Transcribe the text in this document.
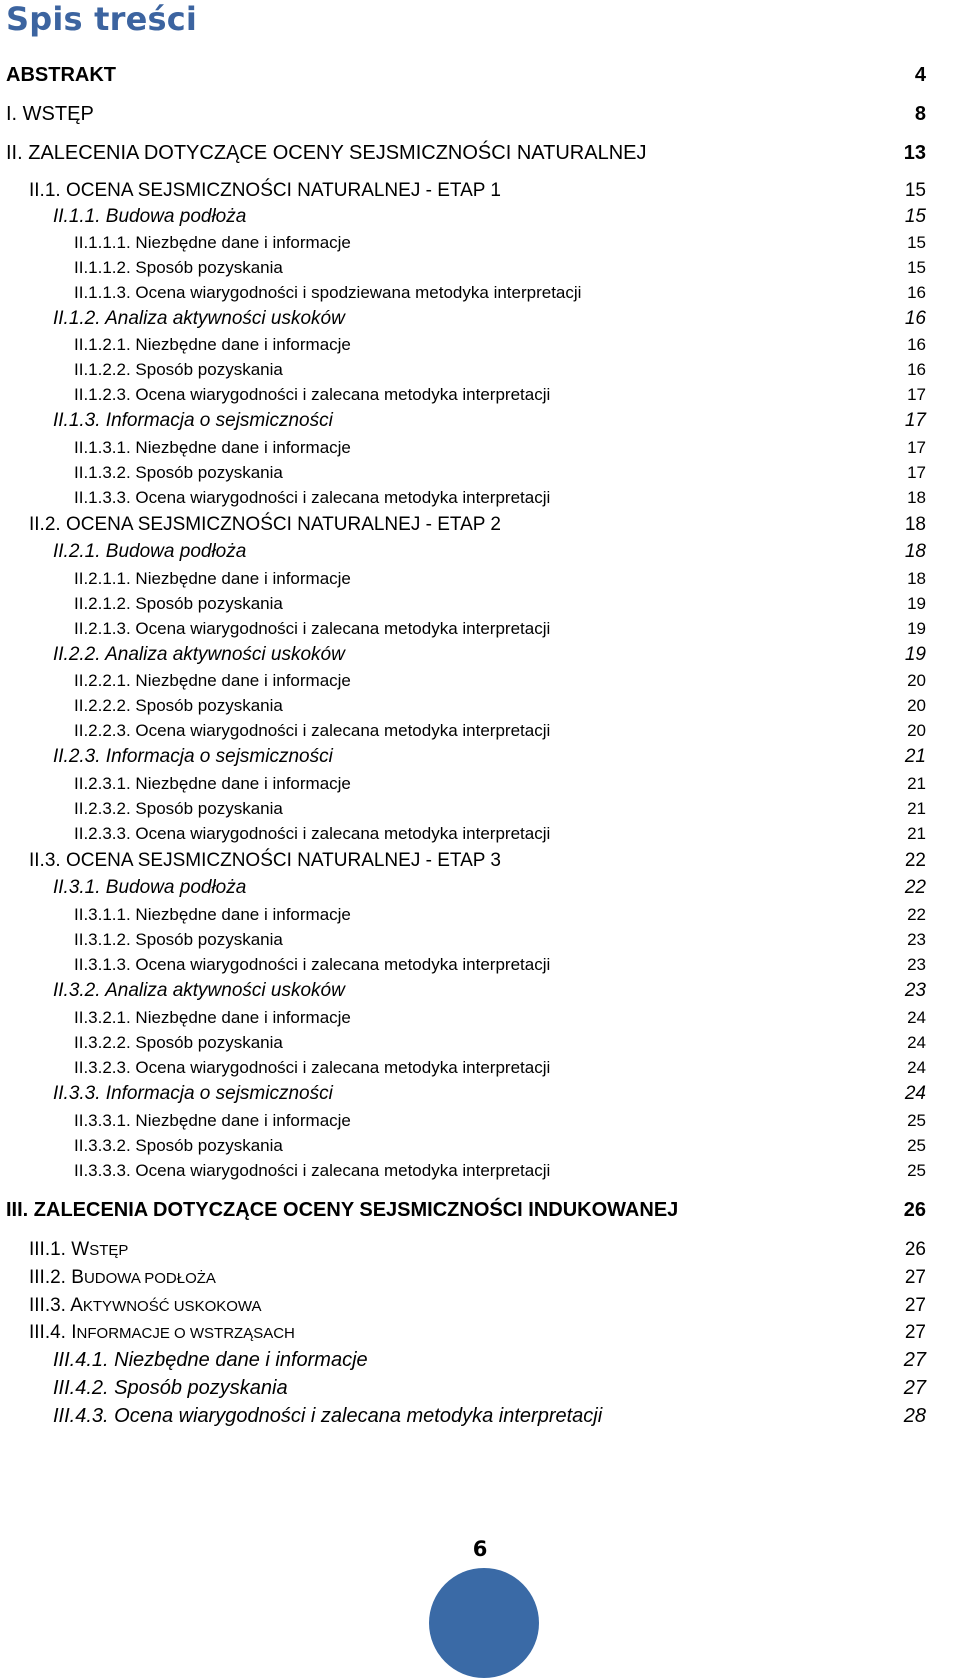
Spis treści
ABSTRAKT	4
I. WSTĘP	8
II. ZALECENIA DOTYCZĄCE OCENY SEJSMICZNOŚCI NATURALNEJ	13
II.1. OCENA SEJSMICZNOŚCI NATURALNEJ - ETAP 1	15
II.1.1. Budowa podłoża	15
II.1.1.1. Niezbędne dane i informacje	15
II.1.1.2. Sposób pozyskania	15
II.1.1.3. Ocena wiarygodności i spodziewana metodyka interpretacji	16
II.1.2. Analiza aktywności uskoków	16
II.1.2.1. Niezbędne dane i informacje	16
II.1.2.2. Sposób pozyskania	16
II.1.2.3. Ocena wiarygodności i zalecana metodyka interpretacji	17
II.1.3. Informacja o sejsmiczności	17
II.1.3.1. Niezbędne dane i informacje	17
II.1.3.2. Sposób pozyskania	17
II.1.3.3. Ocena wiarygodności i zalecana metodyka interpretacji	18
II.2. OCENA SEJSMICZNOŚCI NATURALNEJ - ETAP 2	18
II.2.1. Budowa podłoża	18
II.2.1.1. Niezbędne dane i informacje	18
II.2.1.2. Sposób pozyskania	19
II.2.1.3. Ocena wiarygodności i zalecana metodyka interpretacji	19
II.2.2. Analiza aktywności uskoków	19
II.2.2.1. Niezbędne dane i informacje	20
II.2.2.2. Sposób pozyskania	20
II.2.2.3. Ocena wiarygodności i zalecana metodyka interpretacji	20
II.2.3. Informacja o sejsmiczności	21
II.2.3.1. Niezbędne dane i informacje	21
II.2.3.2. Sposób pozyskania	21
II.2.3.3. Ocena wiarygodności i zalecana metodyka interpretacji	21
II.3. OCENA SEJSMICZNOŚCI NATURALNEJ - ETAP 3	22
II.3.1. Budowa podłoża	22
II.3.1.1. Niezbędne dane i informacje	22
II.3.1.2. Sposób pozyskania	23
II.3.1.3. Ocena wiarygodności i zalecana metodyka interpretacji	23
II.3.2. Analiza aktywności uskoków	23
II.3.2.1. Niezbędne dane i informacje	24
II.3.2.2. Sposób pozyskania	24
II.3.2.3. Ocena wiarygodności i zalecana metodyka interpretacji	24
II.3.3. Informacja o sejsmiczności	24
II.3.3.1. Niezbędne dane i informacje	25
II.3.3.2. Sposób pozyskania	25
II.3.3.3. Ocena wiarygodności i zalecana metodyka interpretacji	25
III. ZALECENIA DOTYCZĄCE OCENY SEJSMICZNOŚCI INDUKOWANEJ	26
III.1. WSTĘP	26
III.2. BUDOWA PODŁOŻA	27
III.3. AKTYWNOŚĆ USKOKOWA	27
III.4. INFORMACJE O WSTRZĄSACH	27
III.4.1. Niezbędne dane i informacje	27
III.4.2. Sposób pozyskania	27
III.4.3. Ocena wiarygodności i zalecana metodyka interpretacji	28
6
